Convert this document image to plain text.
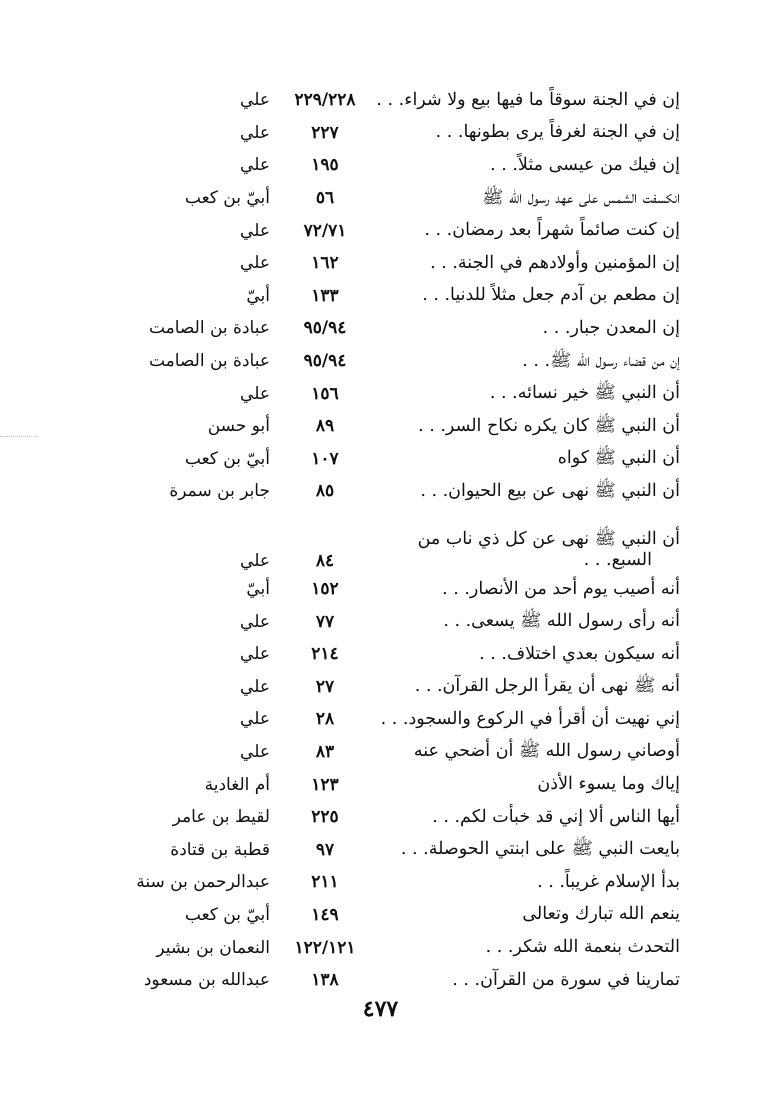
إن في الجنة سوقاً ما فيها بيع ولا شراء. . .
٢٢٩/٢٢٨
علي
إن في الجنة لغرفاً يرى بطونها. . .
٢٢٧
علي
إن فيك من عيسى مثلاً. . .
١٩٥
علي
انكسفت الشمس على عهد رسول الله ﷺ
٥٦
أبيّ بن كعب
إن كنت صائماً شهراً بعد رمضان. . .
٧٢/٧١
علي
إن المؤمنين وأولادهم في الجنة. . .
١٦٢
علي
إن مطعم بن آدم جعل مثلاً للدنيا. . .
١٣٣
أبيّ
إن المعدن جبار. . .
٩٥/٩٤
عبادة بن الصامت
إن من قضاء رسول الله ﷺ. . .
٩٥/٩٤
عبادة بن الصامت
أن النبي ﷺ خير نسائه. . .
١٥٦
علي
أن النبي ﷺ كان يكره نكاح السر. . .
٨٩
أبو حسن
أن النبي ﷺ كواه
١٠٧
أبيّ بن كعب
أن النبي ﷺ نهى عن بيع الحيوان. . .
٨٥
جابر بن سمرة
أن النبي ﷺ نهى عن كل ذي ناب من
السبع. . .
٨٤
علي
أنه أصيب يوم أحد من الأنصار. . .
١٥٢
أبيّ
أنه رأى رسول الله ﷺ يسعى. . .
٧٧
علي
أنه سيكون بعدي اختلاف. . .
٢١٤
علي
أنه ﷺ نهى أن يقرأ الرجل القرآن. . .
٢٧
علي
إني نهيت أن أقرأ في الركوع والسجود. . .
٢٨
علي
أوصاني رسول الله ﷺ أن أضحي عنه
٨٣
علي
إياك وما يسوء الأذن
١٢٣
أم الغادية
أيها الناس ألا إني قد خبأت لكم. . .
٢٢٥
لقيط بن عامر
بايعت النبي ﷺ على ابنتي الحوصلة. . .
٩٧
قطبة بن قتادة
بدأ الإسلام غريباً. . .
٢١١
عبدالرحمن بن سنة
ينعم الله تبارك وتعالى
١٤٩
أبيّ بن كعب
التحدث بنعمة الله شكر. . .
١٢٢/١٢١
النعمان بن بشير
تمارينا في سورة من القرآن. . .
١٣٨
عبدالله بن مسعود
٤٧٧
